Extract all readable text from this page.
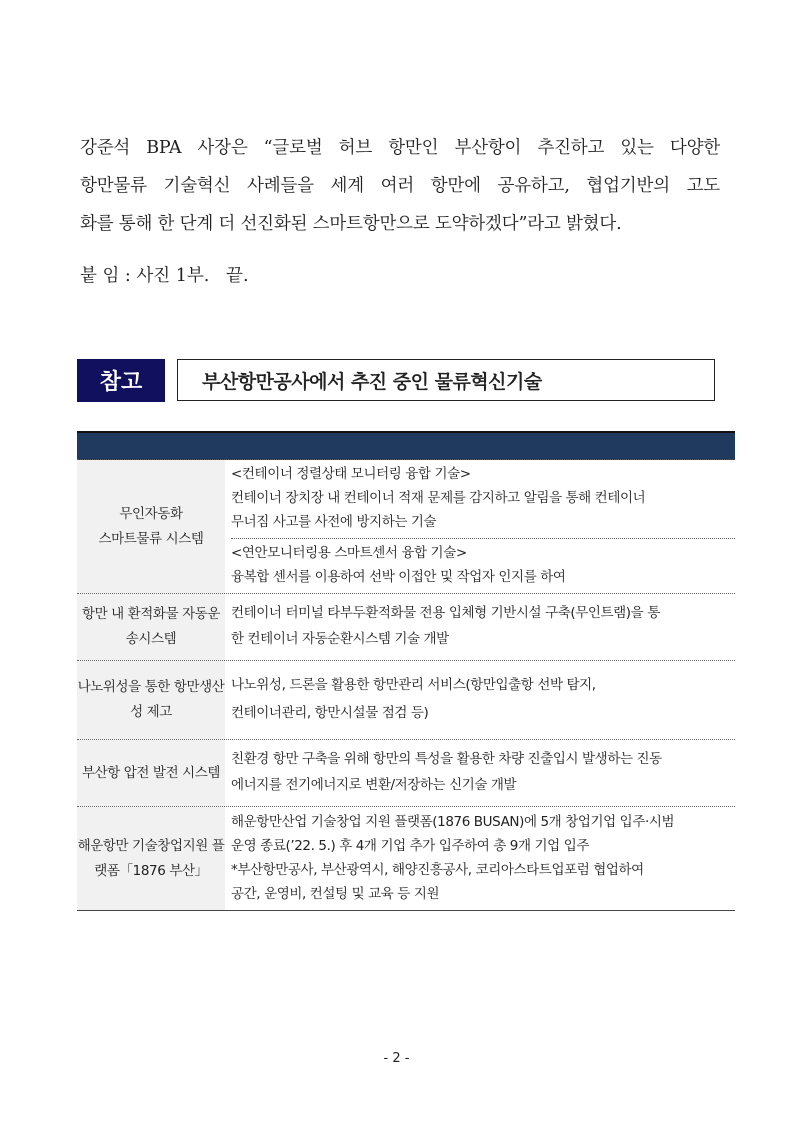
강준석 BPA 사장은 “글로벌 허브 항만인 부산항이 추진하고 있는 다양한
항만물류 기술혁신 사례들을 세계 여러 항만에 공유하고, 협업기반의 고도
화를 통해 한 단계 더 선진화된 스마트항만으로 도약하겠다”라고 밝혔다.
붙 임 : 사진 1부.   끝.
참고	부산항만공사에서 추진 중인 물류혁신기술
무인자동화
스마트물류 시스템
<컨테이너 정렬상태 모니터링 융합 기술>
컨테이너 장치장 내 컨테이너 적재 문제를 감지하고 알림을 통해 컨테이너
무너짐 사고를 사전에 방지하는 기술
<연안모니터링용 스마트센서 융합 기술>
융복합 센서를 이용하여 선박 이접안 및 작업자 인지를 하여
항만 내 환적화물 자동운송시스템
컨테이너 터미널 타부두환적화물 전용 입체형 기반시설 구축(무인트램)을 통
한 컨테이너 자동순환시스템 기술 개발
나노위성을 통한 항만생산성 제고
나노위성, 드론을 활용한 항만관리 서비스(항만입출항 선박 탐지,
컨테이너관리, 항만시설물 점검 등)
부산항 압전 발전 시스템
친환경 항만 구축을 위해 항만의 특성을 활용한 차량 진출입시 발생하는 진동
에너지를 전기에너지로 변환/저장하는 신기술 개발
해운항만 기술창업지원 플랫폼「1876 부산」
해운항만산업 기술창업 지원 플랫폼(1876 BUSAN)에 5개 창업기업 입주·시범
운영 종료(’22. 5.) 후 4개 기업 추가 입주하여 총 9개 기업 입주
*부산항만공사, 부산광역시, 해양진흥공사, 코리아스타트업포럼 협업하여
공간, 운영비, 컨설팅 및 교육 등 지원
- 2 -
